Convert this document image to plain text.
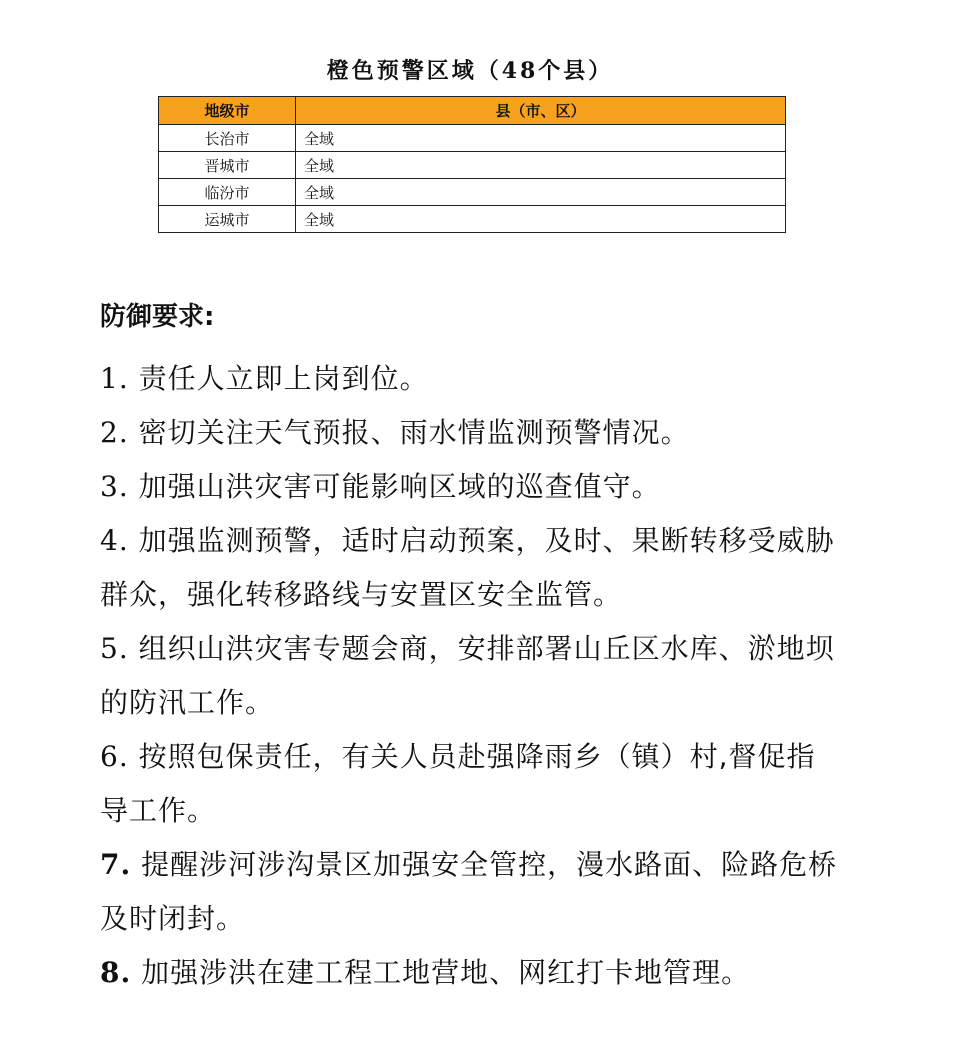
橙色预警区域（48个县）
地级市	县（市、区）
长治市	全域
晋城市	全域
临汾市	全域
运城市	全域
防御要求:

1. 责任人立即上岗到位。

2. 密切关注天气预报、雨水情监测预警情况。

3. 加强山洪灾害可能影响区域的巡查值守。

4. 加强监测预警，适时启动预案，及时、果断转移受威胁群众，强化转移路线与安置区安全监管。

5. 组织山洪灾害专题会商，安排部署山丘区水库、淤地坝的防汛工作。

6. 按照包保责任，有关人员赴强降雨乡（镇）村,督促指导工作。

7. 提醒涉河涉沟景区加强安全管控，漫水路面、险路危桥及时闭封。

8. 加强涉洪在建工程工地营地、网红打卡地管理。
